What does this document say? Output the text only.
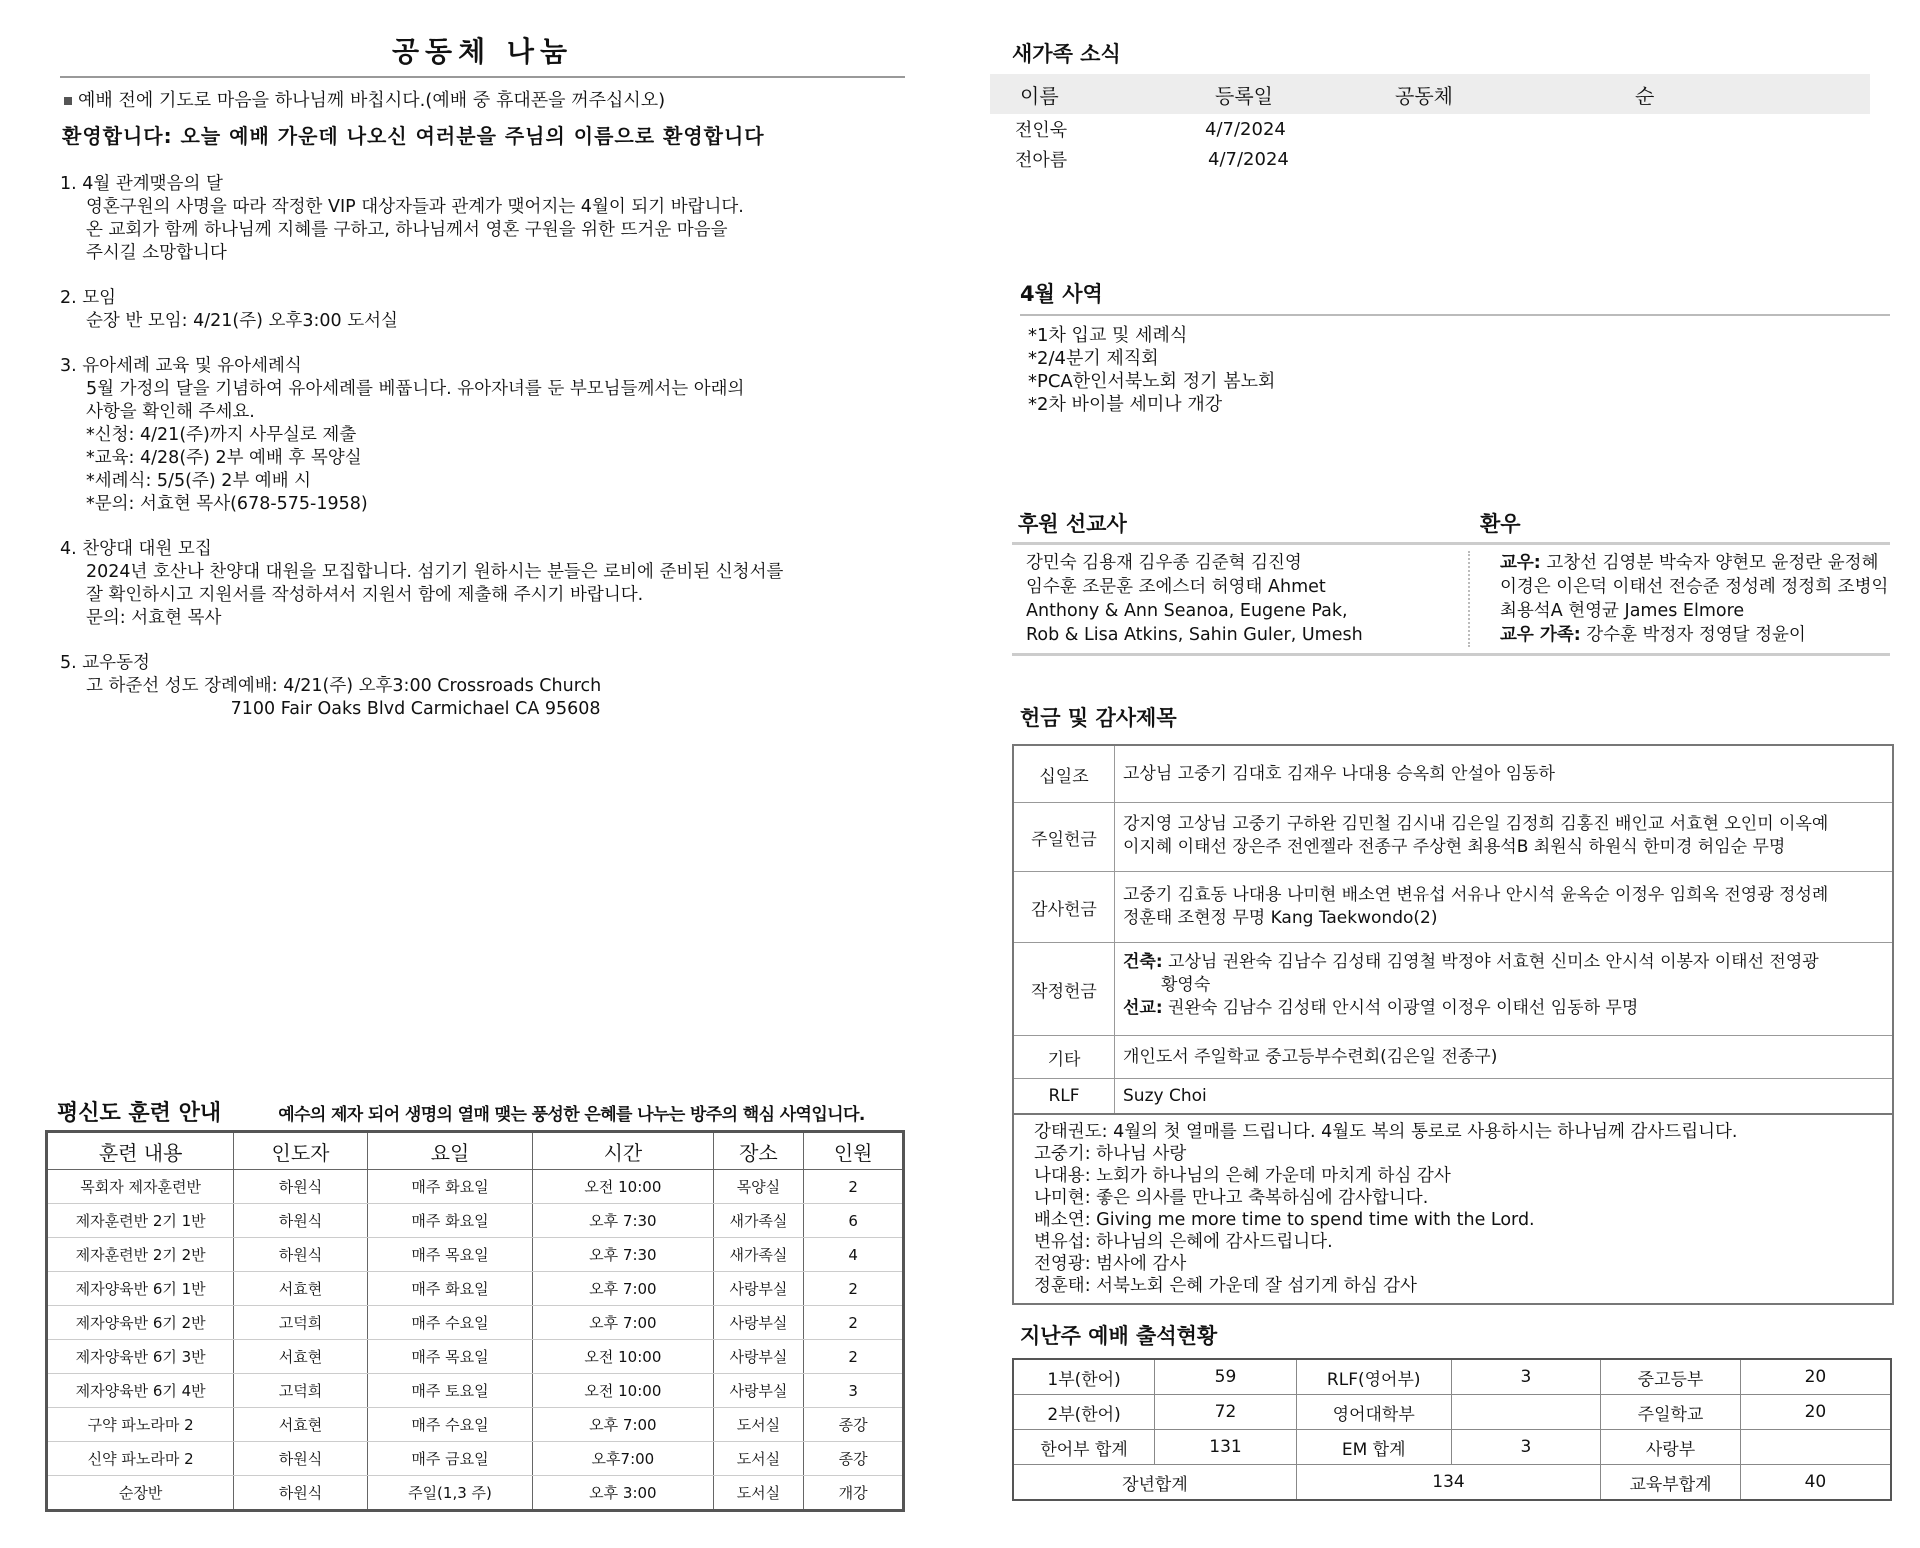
공동체 나눔
예배 전에 기도로 마음을 하나님께 바칩시다.(예배 중 휴대폰을 꺼주십시오)
환영합니다: 오늘 예배 가운데 나오신 여러분을 주님의 이름으로 환영합니다
1. 4월 관계맺음의 달
영혼구원의 사명을 따라 작정한 VIP 대상자들과 관계가 맺어지는 4월이 되기 바랍니다.
온 교회가 함께 하나님께 지혜를 구하고, 하나님께서 영혼 구원을 위한 뜨거운 마음을
주시길 소망합니다
2. 모임
순장 반 모임: 4/21(주) 오후3:00 도서실
3. 유아세례 교육 및 유아세례식
5월 가정의 달을 기념하여 유아세례를 베풉니다. 유아자녀를 둔 부모님들께서는 아래의
사항을 확인해 주세요.
*신청: 4/21(주)까지 사무실로 제출
*교육: 4/28(주) 2부 예배 후 목양실
*세례식: 5/5(주) 2부 예배 시
*문의: 서효현 목사(678-575-1958)
4. 찬양대 대원 모집
2024년 호산나 찬양대 대원을 모집합니다. 섬기기 원하시는 분들은 로비에 준비된 신청서를
잘 확인하시고 지원서를 작성하셔서 지원서 함에 제출해 주시기 바랍니다.
문의: 서효현 목사
5. 교우동정
고 하준선 성도 장례예배: 4/21(주) 오후3:00 Crossroads Church
7100 Fair Oaks Blvd Carmichael CA 95608
평신도 훈련 안내	예수의 제자 되어 생명의 열매 맺는 풍성한 은혜를 나누는 방주의 핵심 사역입니다.
훈련 내용	인도자	요일	시간	장소	인원
목회자 제자훈련반	하원식	매주 화요일	오전 10:00	목양실	2
제자훈련반 2기 1반	하원식	매주 화요일	오후 7:30	새가족실	6
제자훈련반 2기 2반	하원식	매주 목요일	오후 7:30	새가족실	4
제자양육반 6기 1반	서효현	매주 화요일	오후 7:00	사랑부실	2
제자양육반 6기 2반	고덕희	매주 수요일	오후 7:00	사랑부실	2
제자양육반 6기 3반	서효현	매주 목요일	오전 10:00	사랑부실	2
제자양육반 6기 4반	고덕희	매주 토요일	오전 10:00	사랑부실	3
구약 파노라마 2	서효현	매주 수요일	오후 7:00	도서실	종강
신약 파노라마 2	하원식	매주 금요일	오후7:00	도서실	종강
순장반	하원식	주일(1,3 주)	오후 3:00	도서실	개강
새가족 소식
이름	등록일	공동체	순
전인욱	4/7/2024
전아름	4/7/2024
4월 사역
*1차 입교 및 세례식
*2/4분기 제직회
*PCA한인서북노회 정기 봄노회
*2차 바이블 세미나 개강
후원 선교사	환우
강민숙 김용재 김우종 김준혁 김진영
임수훈 조문훈 조에스더 허영태 Ahmet
Anthony & Ann Seanoa, Eugene Pak,
Rob & Lisa Atkins, Sahin Guler, Umesh
교우: 고창선 김영분 박숙자 양현모 윤정란 윤정혜
이경은 이은덕 이태선 전승준 정성례 정정희 조병익
최용석A 현영균 James Elmore
교우 가족: 강수훈 박정자 정영달 정윤이
헌금 및 감사제목
십일조	고상님 고중기 김대호 김재우 나대용 승옥희 안설아 임동하
주일헌금
강지영 고상님 고중기 구하완 김민철 김시내 김은일 김정희 김홍진 배인교 서효현 오인미 이옥예
이지혜 이태선 장은주 전엔젤라 전종구 주상현 최용석B 최원식 하원식 한미경 허임순 무명
감사헌금
고중기 김효동 나대용 나미현 배소연 변유섭 서유나 안시석 윤옥순 이정우 임희옥 전영광 정성례
정훈태 조현정 무명 Kang Taekwondo(2)
작정헌금
건축: 고상님 권완숙 김남수 김성태 김영철 박정야 서효현 신미소 안시석 이봉자 이태선 전영광
황영숙
선교: 권완숙 김남수 김성태 안시석 이광열 이정우 이태선 임동하 무명
기타	개인도서 주일학교 중고등부수련회(김은일 전종구)
RLF	Suzy Choi
강태권도: 4월의 첫 열매를 드립니다. 4월도 복의 통로로 사용하시는 하나님께 감사드립니다.
고중기: 하나님 사랑
나대용: 노회가 하나님의 은혜 가운데 마치게 하심 감사
나미현: 좋은 의사를 만나고 축복하심에 감사합니다.
배소연: Giving me more time to spend time with the Lord.
변유섭: 하나님의 은혜에 감사드립니다.
전영광: 범사에 감사
정훈태: 서북노회 은혜 가운데 잘 섬기게 하심 감사
지난주 예배 출석현황
1부(한어)	59	RLF(영어부)	3	중고등부	20
2부(한어)	72	영어대학부		주일학교	20
한어부 합계	131	EM 합계	3	사랑부	
장년합계		134		교육부합계	40
